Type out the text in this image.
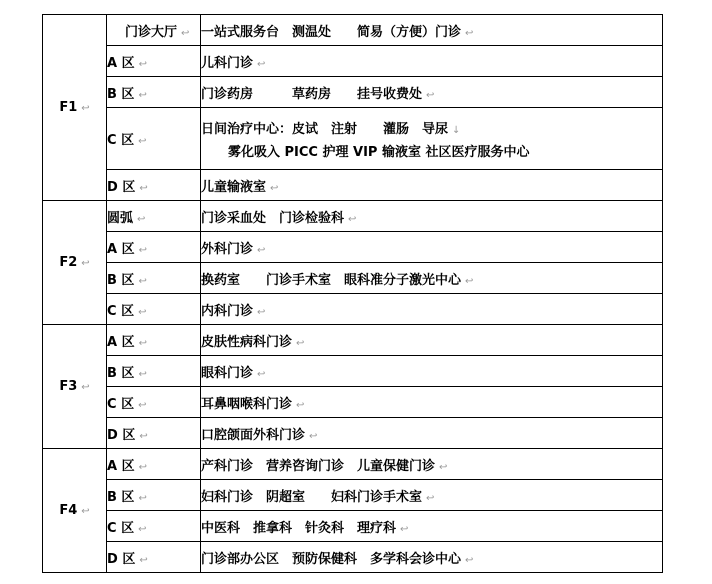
F1 ↩	门诊大厅 ↩	一站式服务台　测温处　　简易（方便）门诊 ↩
	A 区 ↩	儿科门诊 ↩
	B 区 ↩	门诊药房　　　草药房　　挂号收费处 ↩
	C 区 ↩	日间治疗中心：皮试　注射　　灌肠　导尿 ↓
雾化吸入 PICC 护理 VIP 输液室 社区医疗服务中心

	D 区 ↩	儿童输液室 ↩
F2 ↩	圆弧 ↩	门诊采血处　门诊检验科 ↩
	A 区 ↩	外科门诊 ↩
	B 区 ↩	换药室　　门诊手术室　眼科准分子激光中心 ↩
	C 区 ↩	内科门诊 ↩
F3 ↩	A 区 ↩	皮肤性病科门诊 ↩
	B 区 ↩	眼科门诊 ↩
	C 区 ↩	耳鼻咽喉科门诊 ↩
	D 区 ↩	口腔颌面外科门诊 ↩
F4 ↩	A 区 ↩	产科门诊　营养咨询门诊　儿童保健门诊 ↩
	B 区 ↩	妇科门诊　阴超室　　妇科门诊手术室 ↩
	C 区 ↩	中医科　推拿科　针灸科　理疗科 ↩
	D 区 ↩	门诊部办公区　预防保健科　多学科会诊中心 ↩
